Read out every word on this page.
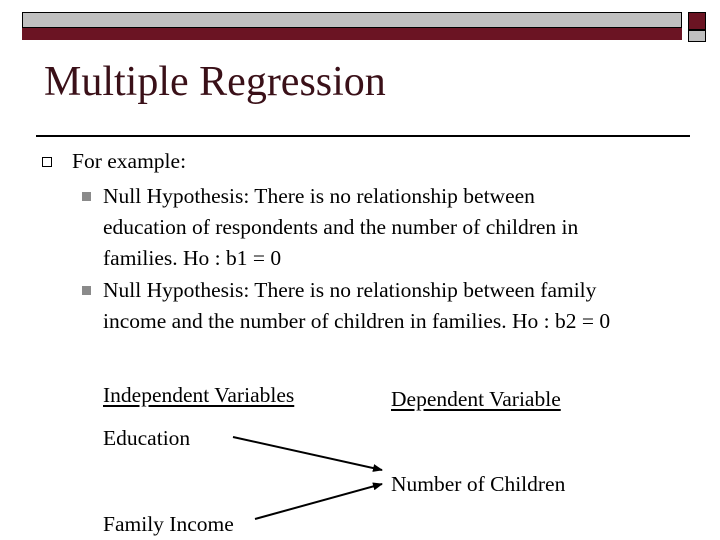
Multiple Regression
For example:
Null Hypothesis: There is no relationship between
education of respondents and the number of children in
families. Ho : b1 = 0
Null Hypothesis: There is no relationship between family
income and the number of children in families. Ho : b2 = 0
Independent Variables	Dependent Variable
Education
Number of Children
Family Income
